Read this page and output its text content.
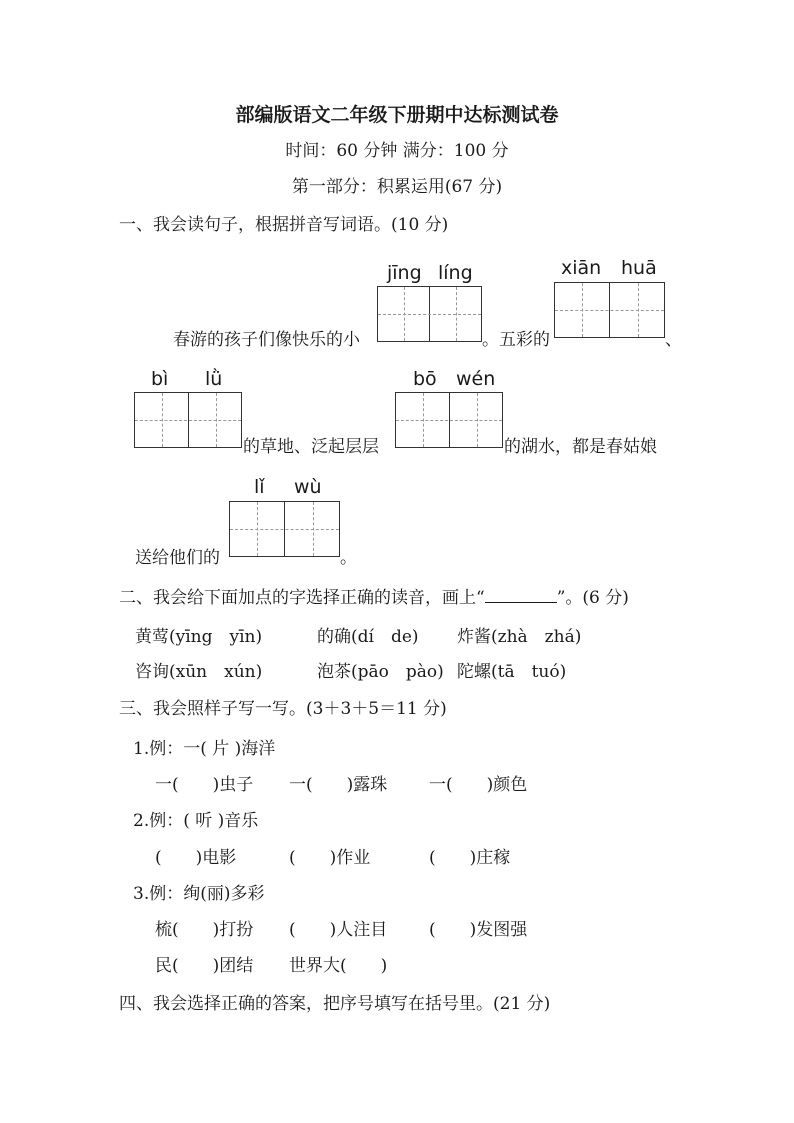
部编版语文二年级下册期中达标测试卷
时间：60 分钟 满分：100 分
第一部分：积累运用(67 分)
一、我会读句子，根据拼音写词语。(10 分)
jīng líng	xiān huā
春游的孩子们像快乐的小	。五彩的	、
bì lǜ	bō wén
的草地、泛起层层	的湖水，都是春姑娘
lǐ wù
送给他们的	。
二、我会给下面加点的字选择正确的读音，画上“	”。(6 分)
黄莺(yīng　yīn)	的确(dí　de) 炸酱(zhà　zhá)
咨询(xūn　xún)	泡茶(pāo　pào) 陀螺(tā　tuó)
三、我会照样子写一写。(3＋3＋5＝11 分)
1.例：一( 片 )海洋
一(　　)虫子 一(　　)露珠 一(　　)颜色
2.例：( 听 )音乐
(　　)电影	(　　)作业	(　　)庄稼
3.例：绚(丽)多彩
梳(　　)打扮 (　　)人注目 (　　)发图强
民(　　)团结 世界大(　　)
四、我会选择正确的答案，把序号填写在括号里。(21 分)
